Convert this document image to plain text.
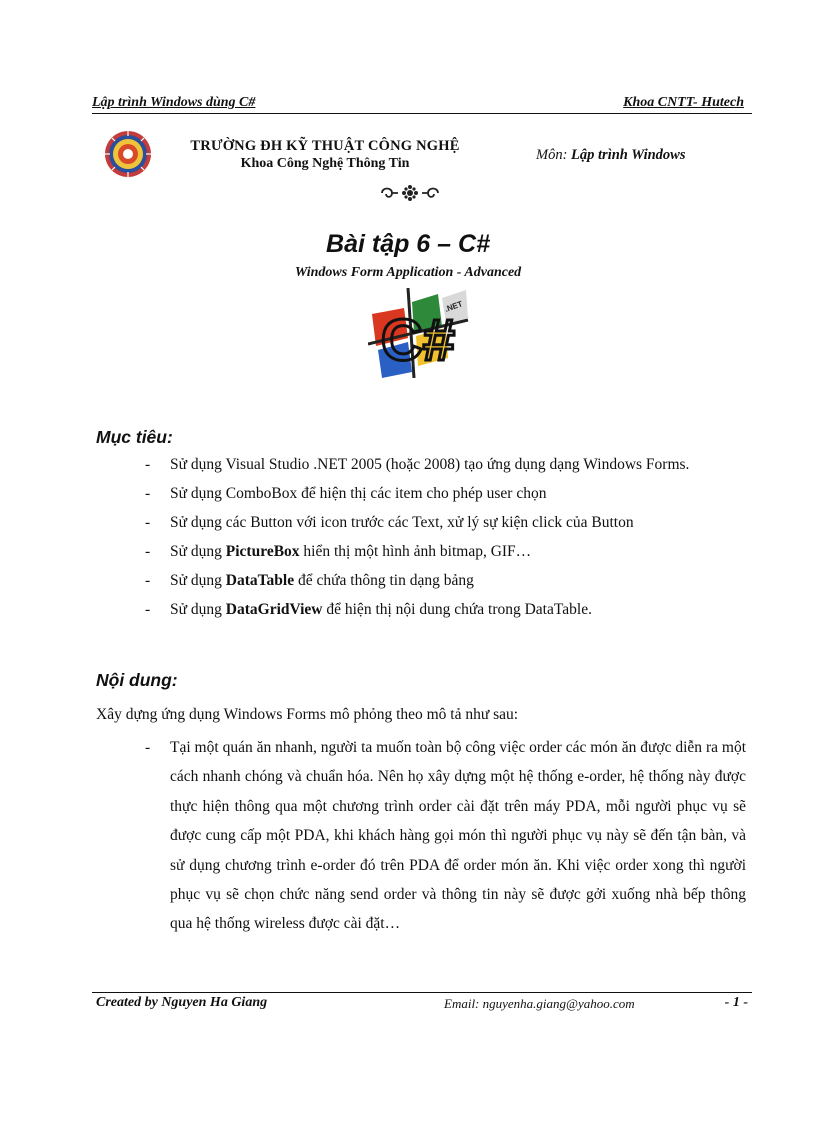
Lập trình Windows dùng C#	Khoa CNTT- Hutech
TRƯỜNG ĐH KỸ THUẬT CÔNG NGHỆ
Khoa Công Nghệ Thông Tin
Môn: Lập trình Windows
Bài tập 6 – C#
Windows Form Application - Advanced
C#
.NET
Mục tiêu:
- Sử dụng Visual Studio .NET 2005 (hoặc 2008) tạo ứng dụng dạng Windows Forms.
- Sử dụng ComboBox để hiện thị các item cho phép user chọn
- Sử dụng các Button với icon trước các Text, xử lý sự kiện click của Button
- Sử dụng PictureBox hiển thị một hình ảnh bitmap, GIF…
- Sử dụng DataTable để chứa thông tin dạng bảng
- Sử dụng DataGridView để hiện thị nội dung chứa trong DataTable.
Nội dung:
Xây dựng ứng dụng Windows Forms mô phỏng theo mô tả như sau:
- Tại một quán ăn nhanh, người ta muốn toàn bộ công việc order các món ăn được diễn ra một cách nhanh chóng và chuẩn hóa. Nên họ xây dựng một hệ thống e-order, hệ thống này được thực hiện thông qua một chương trình order cài đặt trên máy PDA, mỗi người phục vụ sẽ được cung cấp một PDA, khi khách hàng gọi món thì người phục vụ này sẽ đến tận bàn, và sử dụng chương trình e-order đó trên PDA để order món ăn. Khi việc order xong thì người phục vụ sẽ chọn chức năng send order và thông tin này sẽ được gởi xuống nhà bếp thông qua hệ thống wireless được cài đặt…
Created by Nguyen Ha Giang	Email: nguyenha.giang@yahoo.com	- 1 -
